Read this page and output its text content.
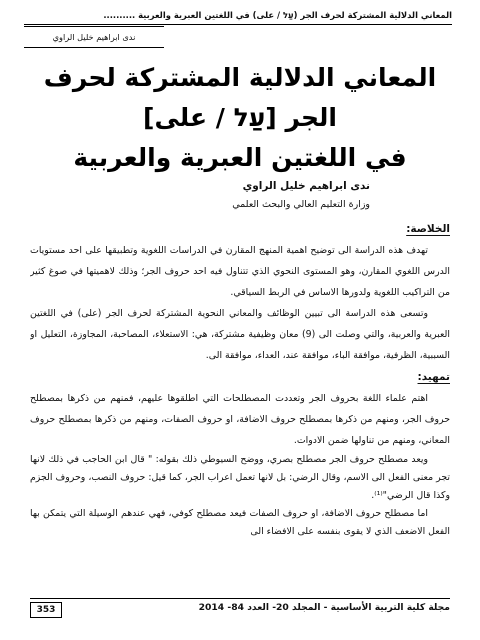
المعاني الدلالية المشتركة لحرف الجر (עַל / على) في اللغتين العبرية والعربية ..........
ندى ابراهيم خليل الراوي
المعاني الدلالية المشتركة لحرف
الجر [עַל / على]
في اللغتين العبرية والعربية
ندى ابراهيم خليل الراوي
وزارة التعليم العالي والبحث العلمي
الخلاصة:

تهدف هذه الدراسة الى توضيح اهمية المنهج المقارن في الدراسات اللغوية وتطبيقها على احد مستويات الدرس اللغوي المقارن، وهو المستوى النحوي الذي تتناول فيه احد حروف الجر؛ وذلك لاهميتها في صوغ كثير من التراكيب اللغوية ولدورها الاساس في الربط السياقي.

وتسعى هذه الدراسة الى تبيين الوظائف والمعاني النحوية المشتركة لحرف الجر (على) في اللغتين العبرية والعربية، والتي وصلت الى (9) معان وظيفية مشتركة، هي: الاستعلاء، المصاحبة، المجاوزة، التعليل او السببية، الظرفية، موافقة الباء، موافقة عند، العداء، موافقة الى.

تمهيد:

اهتم علماء اللغة بحروف الجر وتعددت المصطلحات التي اطلقوها عليهم، فمنهم من ذكرها بمصطلح حروف الجر، ومنهم من ذكرها بمصطلح حروف الاضافة، او حروف الصفات، ومنهم من ذكرها بمصطلح حروف المعاني، ومنهم من تناولها ضمن الادوات.

ويعد مصطلح حروف الجر مصطلح بصري، ووضح السيوطي ذلك بقوله: " قال ابن الحاجب في ذلك لانها تجر معنى الفعل الى الاسم، وقال الرضي: بل لانها تعمل اعراب الجر، كما قيل: حروف النصب، وحروف الجزم وكذا قال الرضي"⁽¹⁾.

اما مصطلح حروف الاضافة، او حروف الصفات فيعد مصطلح كوفي، فهي عندهم الوسيلة التي يتمكن بها الفعل الاضعف الذي لا يقوى بنفسه على الافضاء الى

مجلة كلية التربية الأساسية - المجلد 20- العدد 84- 2014
353
